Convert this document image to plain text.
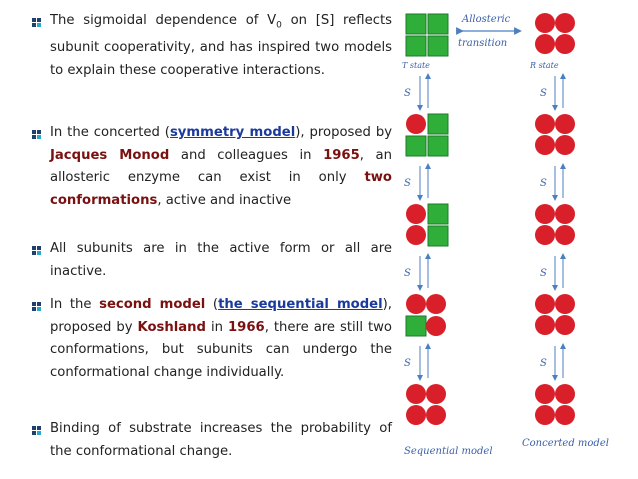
The sigmoidal dependence of $V_0$ on [S] reflects subunit cooperativity, and has inspired two models to explain these cooperative interactions.
In the concerted (symmetry model), proposed by Jacques Monod and colleagues in 1965, an allosteric enzyme can exist in only two conformations, active and inactive
All subunits are in the active form or all are inactive.
In the second model (the sequential model), proposed by Koshland in 1966, there are still two conformations, but subunits can undergo the conformational change individually.
Binding of substrate increases the probability of the conformational change.
Allosteric
transition
T state	R state
S	S
S	S
S	S
S	S
Sequential model
Concerted model
